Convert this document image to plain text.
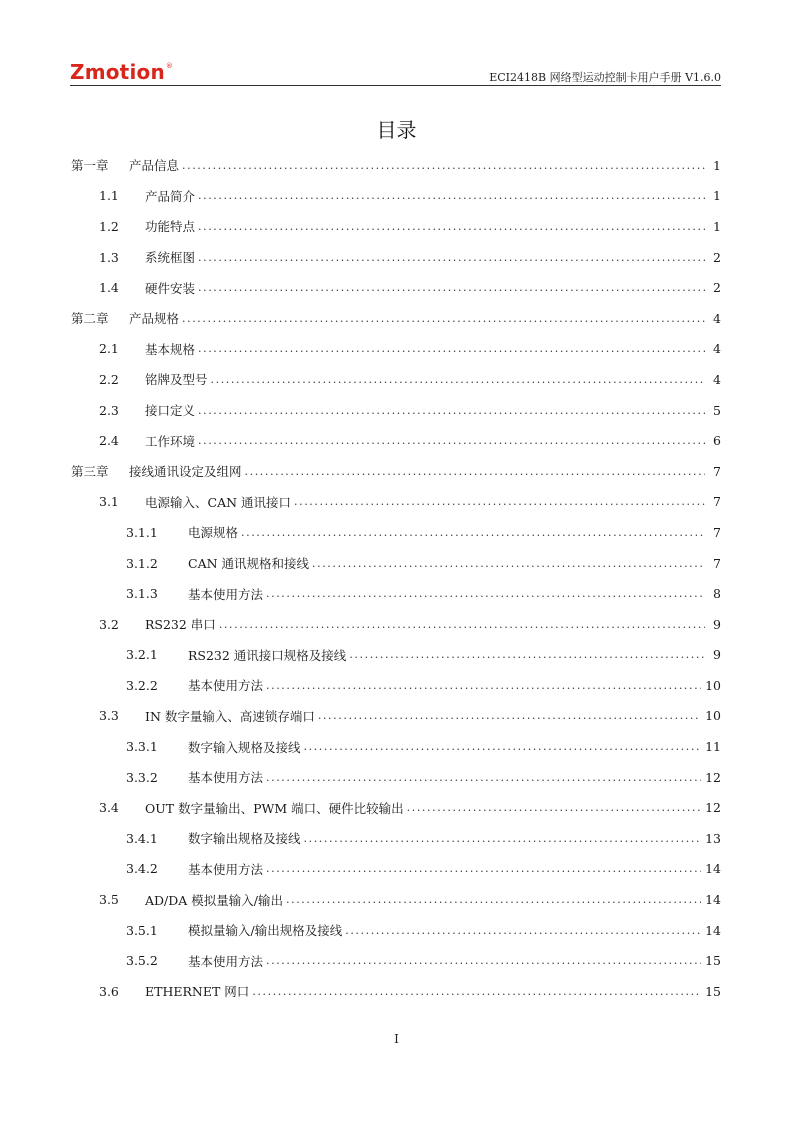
Zmotion®
ECI2418B 网络型运动控制卡用户手册 V1.6.0
目录
第一章	产品信息 .....	1
1.1	产品简介 .....	1
1.2	功能特点 .....	1
1.3	系统框图 .....	2
1.4	硬件安装 .....	2
第二章	产品规格 .....	4
2.1	基本规格 .....	4
2.2	铭牌及型号 .....	4
2.3	接口定义 .....	5
2.4	工作环境 .....	6
第三章	接线通讯设定及组网 .....	7
3.1	电源输入、CAN 通讯接口 .....	7
3.1.1	电源规格 .....	7
3.1.2	CAN 通讯规格和接线 .....	7
3.1.3	基本使用方法 .....	8
3.2	RS232 串口 .....	9
3.2.1	RS232 通讯接口规格及接线 .....	9
3.2.2	基本使用方法 .....	10
3.3	IN 数字量输入、高速锁存端口 .....	10
3.3.1	数字输入规格及接线 .....	11
3.3.2	基本使用方法 .....	12
3.4	OUT 数字量输出、PWM 端口、硬件比较输出 .....	12
3.4.1	数字输出规格及接线 .....	13
3.4.2	基本使用方法 .....	14
3.5	AD/DA 模拟量输入/输出 .....	14
3.5.1	模拟量输入/输出规格及接线 .....	14
3.5.2	基本使用方法 .....	15
3.6	ETHERNET 网口 .....	15
I
